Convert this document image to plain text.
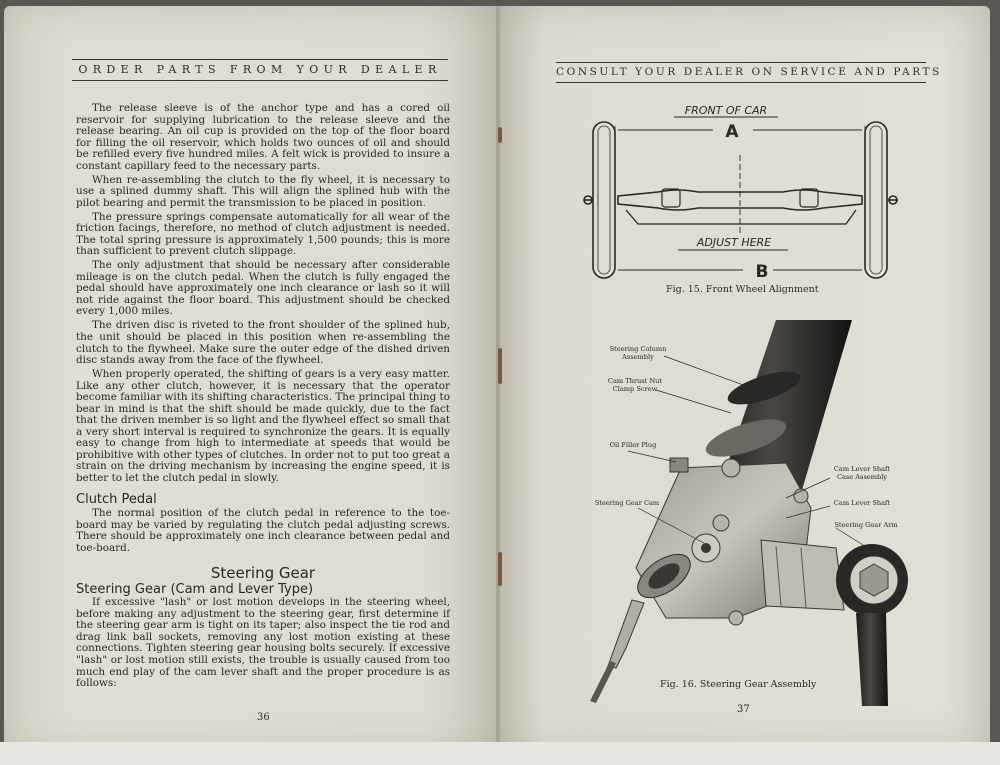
ORDER PARTS FROM YOUR DEALER

The release sleeve is of the anchor type and has a cored oil reservoir for supplying lubrication to the release sleeve and the release bearing. An oil cup is provided on the top of the floor board for filling the oil reservoir, which holds two ounces of oil and should be refilled every five hundred miles. A felt wick is provided to insure a constant capillary feed to the necessary parts.

When re-assembling the clutch to the fly wheel, it is necessary to use a splined dummy shaft. This will align the splined hub with the pilot bearing and permit the transmission to be placed in position.

The pressure springs compensate automatically for all wear of the friction facings, therefore, no method of clutch adjustment is needed. The total spring pressure is approximately 1,500 pounds; this is more than sufficient to prevent clutch slippage.

The only adjustment that should be necessary after considerable mileage is on the clutch pedal. When the clutch is fully engaged the pedal should have approximately one inch clearance or lash so it will not ride against the floor board. This adjustment should be checked every 1,000 miles.

The driven disc is riveted to the front shoulder of the splined hub, the unit should be placed in this position when re-assembling the clutch to the flywheel. Make sure the outer edge of the dished driven disc stands away from the face of the flywheel.

When properly operated, the shifting of gears is a very easy matter. Like any other clutch, however, it is necessary that the operator become familiar with its shifting characteristics. The principal thing to bear in mind is that the shift should be made quickly, due to the fact that the driven member is so light and the flywheel effect so small that a very short interval is required to synchronize the gears. It is equally easy to change from high to intermediate at speeds that would be prohibitive with other types of clutches. In order not to put too great a strain on the driving mechanism by increasing the engine speed, it is better to let the clutch pedal in slowly.

Clutch Pedal

The normal position of the clutch pedal in reference to the toe-board may be varied by regulating the clutch pedal adjusting screws. There should be approximately one inch clearance between pedal and toe-board.

Steering Gear
Steering Gear (Cam and Lever Type)

If excessive "lash" or lost motion develops in the steering wheel, before making any adjustment to the steering gear, first determine if the steering gear arm is tight on its taper; also inspect the tie rod and drag link ball sockets, removing any lost motion existing at these connections. Tighten steering gear housing bolts securely. If excessive "lash" or lost motion still exists, the trouble is usually caused from too much end play of the cam lever shaft and the proper procedure is as follows:

36
CONSULT YOUR DEALER ON SERVICE AND PARTS
FRONT OF CAR
A
ADJUST HERE
B
Fig. 15. Front Wheel Alignment
Steering Column Assembly
Cam Thrust Nut Clamp Screw
Oil Filler Plug
Steering Gear Cam
Cam Lever Shaft Case Assembly
Cam Lever Shaft
Steering Gear Arm
Fig. 16. Steering Gear Assembly
37
